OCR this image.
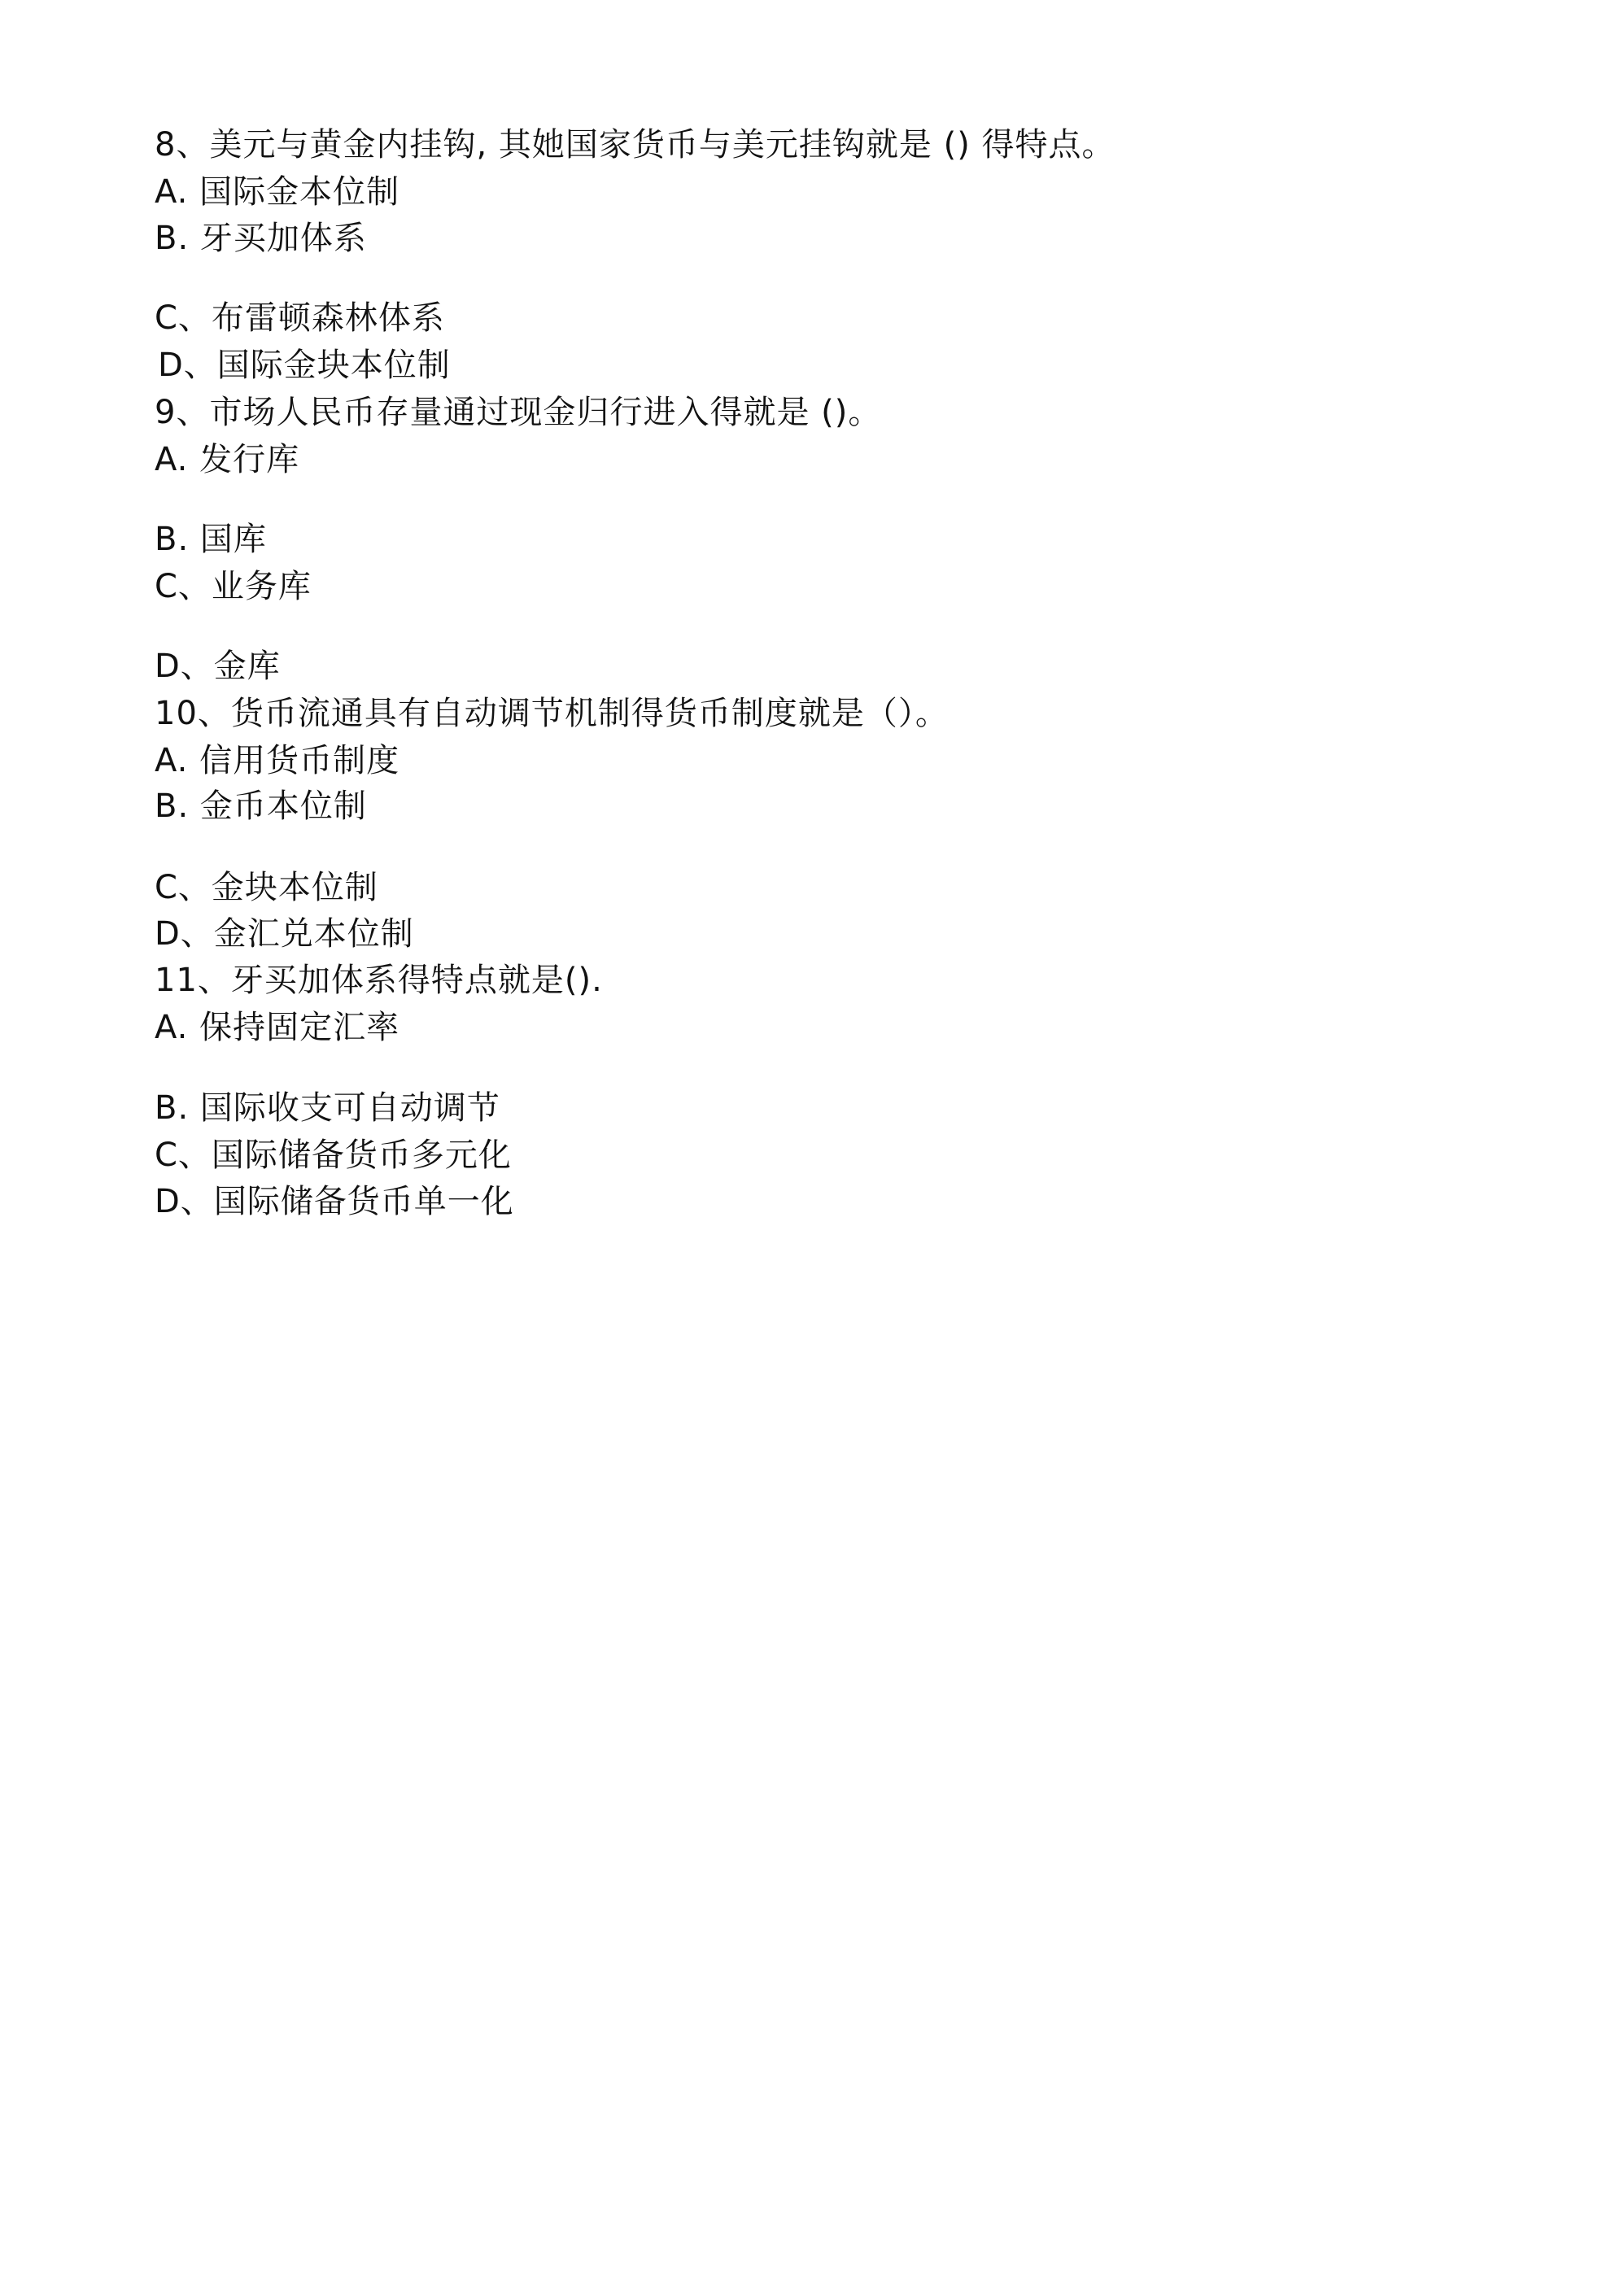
8、美元与黄金内挂钩, 其她国家货币与美元挂钩就是 () 得特点。
A. 国际金本位制
B. 牙买加体系
C、布雷顿森林体系
D、国际金块本位制
9、市场人民币存量通过现金归行进入得就是 ()。
A. 发行库
B. 国库
C、业务库
D、金库
10、货币流通具有自动调节机制得货币制度就是（）。
A. 信用货币制度
B. 金币本位制
C、金块本位制
D、金汇兑本位制
11、牙买加体系得特点就是().
A. 保持固定汇率
B. 国际收支可自动调节
C、国际储备货币多元化
D、国际储备货币单一化
